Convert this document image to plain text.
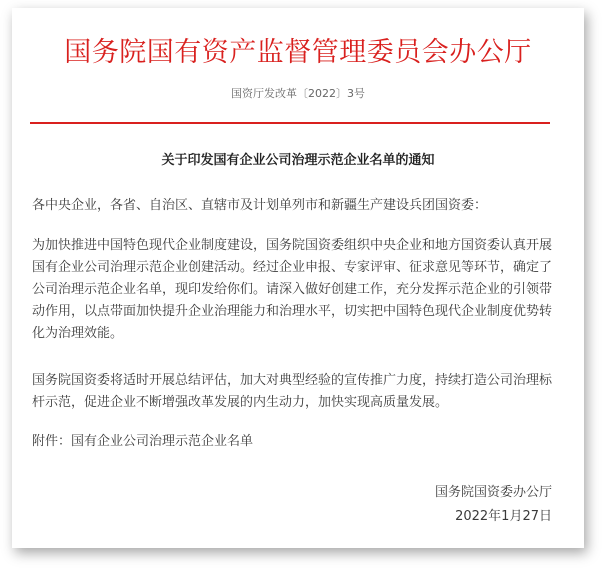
国务院国有资产监督管理委员会办公厅
国资厅发改革〔2022〕3号
关于印发国有企业公司治理示范企业名单的通知
各中央企业，各省、自治区、直辖市及计划单列市和新疆生产建设兵团国资委：
为加快推进中国特色现代企业制度建设，国务院国资委组织中央企业和地方国资委认真开展国有企业公司治理示范企业创建活动。经过企业申报、专家评审、征求意见等环节，确定了公司治理示范企业名单，现印发给你们。请深入做好创建工作，充分发挥示范企业的引领带动作用，以点带面加快提升企业治理能力和治理水平，切实把中国特色现代企业制度优势转化为治理效能。
国务院国资委将适时开展总结评估，加大对典型经验的宣传推广力度，持续打造公司治理标杆示范，促进企业不断增强改革发展的内生动力，加快实现高质量发展。
附件：国有企业公司治理示范企业名单
国务院国资委办公厅
2022年1月27日
